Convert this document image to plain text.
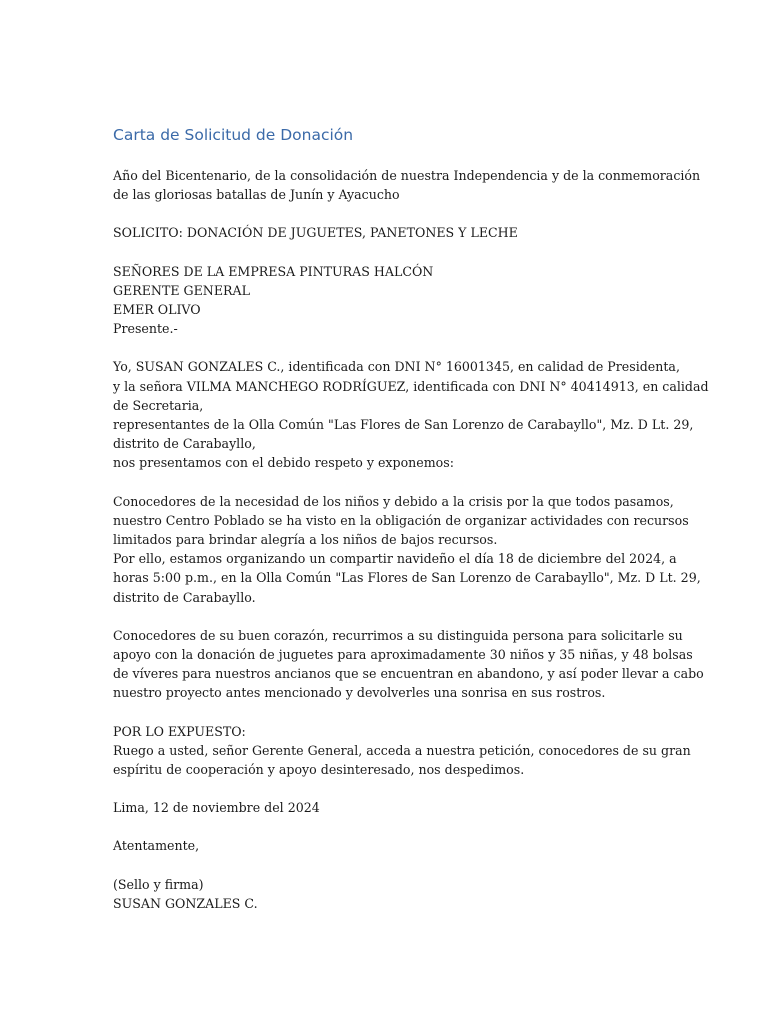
Carta de Solicitud de Donación
Año del Bicentenario, de la consolidación de nuestra Independencia y de la conmemoración
de las gloriosas batallas de Junín y Ayacucho
SOLICITO: DONACIÓN DE JUGUETES, PANETONES Y LECHE
SEÑORES DE LA EMPRESA PINTURAS HALCÓN
GERENTE GENERAL
EMER OLIVO
Presente.-
Yo, SUSAN GONZALES C., identificada con DNI N° 16001345, en calidad de Presidenta,
y la señora VILMA MANCHEGO RODRÍGUEZ, identificada con DNI N° 40414913, en calidad
de Secretaria,
representantes de la Olla Común "Las Flores de San Lorenzo de Carabayllo", Mz. D Lt. 29,
distrito de Carabayllo,
nos presentamos con el debido respeto y exponemos:
Conocedores de la necesidad de los niños y debido a la crisis por la que todos pasamos,
nuestro Centro Poblado se ha visto en la obligación de organizar actividades con recursos
limitados para brindar alegría a los niños de bajos recursos.
Por ello, estamos organizando un compartir navideño el día 18 de diciembre del 2024, a
horas 5:00 p.m., en la Olla Común "Las Flores de San Lorenzo de Carabayllo", Mz. D Lt. 29,
distrito de Carabayllo.
Conocedores de su buen corazón, recurrimos a su distinguida persona para solicitarle su
apoyo con la donación de juguetes para aproximadamente 30 niños y 35 niñas, y 48 bolsas
de víveres para nuestros ancianos que se encuentran en abandono, y así poder llevar a cabo
nuestro proyecto antes mencionado y devolverles una sonrisa en sus rostros.
POR LO EXPUESTO:
Ruego a usted, señor Gerente General, acceda a nuestra petición, conocedores de su gran
espíritu de cooperación y apoyo desinteresado, nos despedimos.
Lima, 12 de noviembre del 2024
Atentamente,
(Sello y firma)
SUSAN GONZALES C.
